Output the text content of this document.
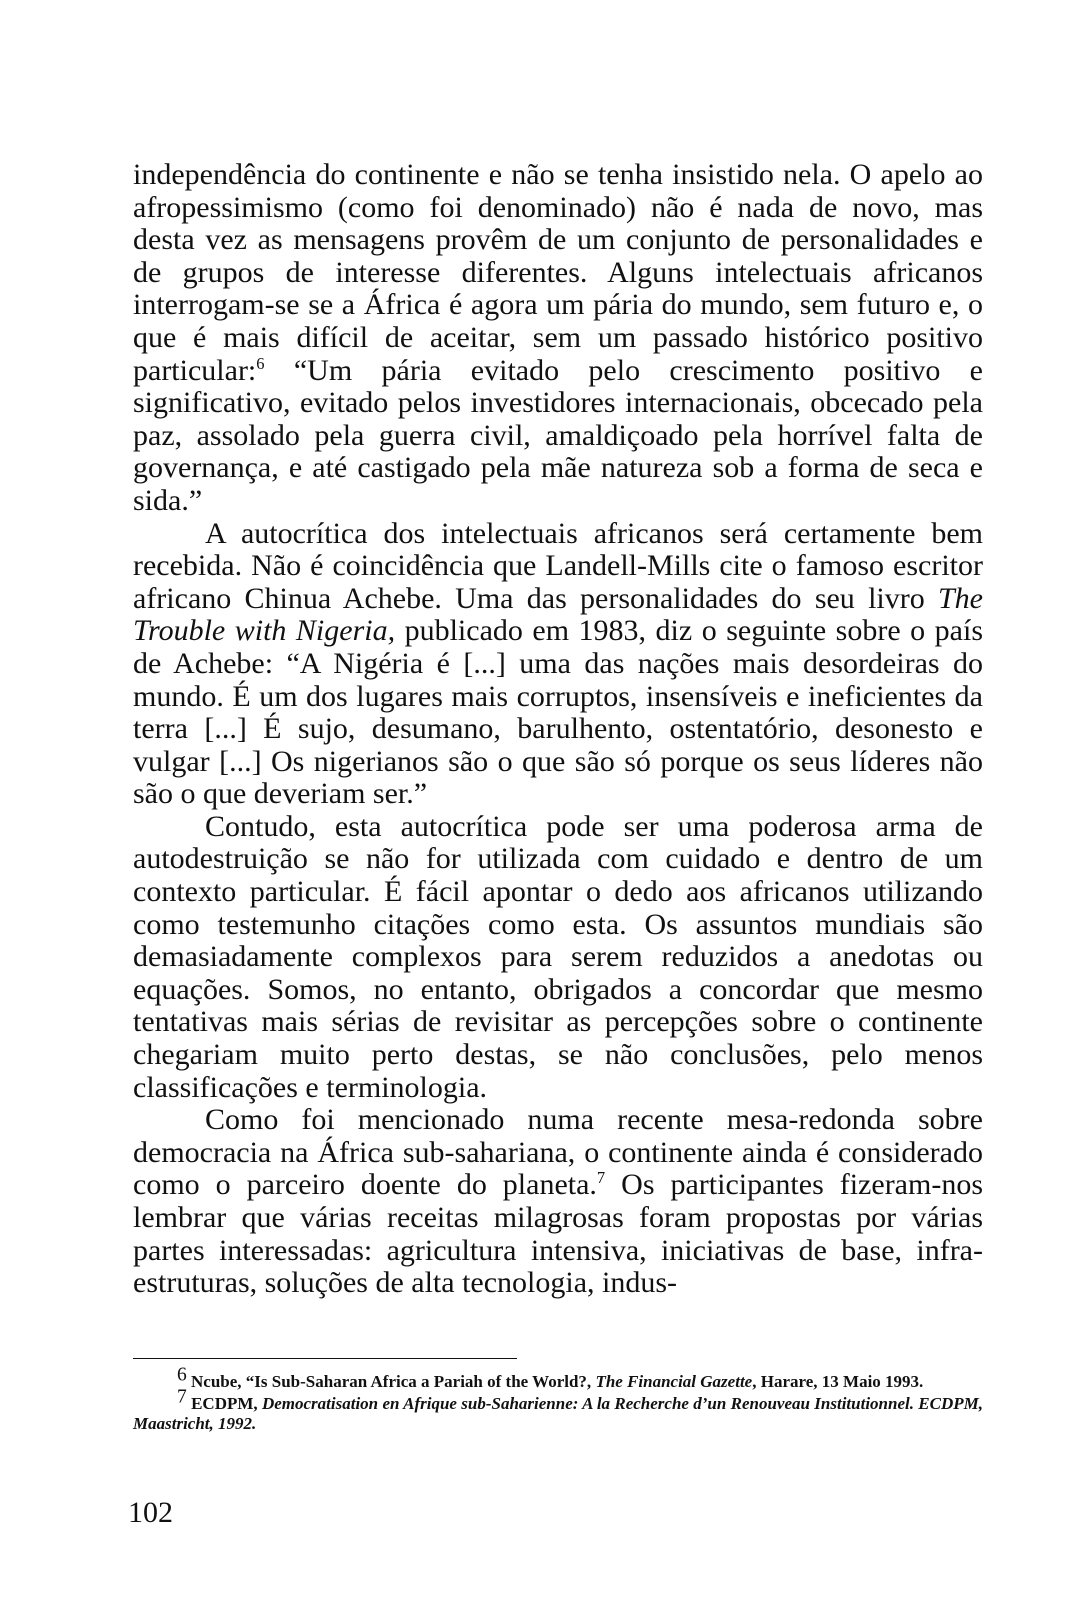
independência do continente e não se tenha insistido nela. O apelo ao afropessimismo (como foi denominado) não é nada de novo, mas desta vez as mensagens provêm de um conjunto de personalidades e de grupos de interesse diferentes. Alguns intelectuais africanos interrogam-se se a África é agora um pária do mundo, sem futuro e, o que é mais difícil de aceitar, sem um passado histórico positivo particular:$^6$ “Um pária evitado pelo crescimento positivo e significativo, evitado pelos investidores internacionais, obcecado pela paz, assolado pela guerra civil, amaldiçoado pela horrível falta de governança, e até castigado pela mãe natureza sob a forma de seca e sida.”

A autocrítica dos intelectuais africanos será certamente bem recebida. Não é coincidência que Landell-Mills cite o famoso escritor africano Chinua Achebe. Uma das personalidades do seu livro The Trouble with Nigeria, publicado em 1983, diz o seguinte sobre o país de Achebe: “A Nigéria é [...] uma das nações mais desordeiras do mundo. É um dos lugares mais corruptos, insensíveis e ineficientes da terra [...] É sujo, desumano, barulhento, ostentatório, desonesto e vulgar [...] Os nigerianos são o que são só porque os seus líderes não são o que deveriam ser.”

Contudo, esta autocrítica pode ser uma poderosa arma de autodestruição se não for utilizada com cuidado e dentro de um contexto particular. É fácil apontar o dedo aos africanos utilizando como testemunho citações como esta. Os assuntos mundiais são demasiadamente complexos para serem reduzidos a anedotas ou equações. Somos, no entanto, obrigados a concordar que mesmo tentativas mais sérias de revisitar as percepções sobre o continente chegariam muito perto destas, se não conclusões, pelo menos classificações e terminologia.

Como foi mencionado numa recente mesa-redonda sobre democracia na África sub-sahariana, o continente ainda é considerado como o parceiro doente do planeta.$^7$ Os participantes fizeram-nos lembrar que várias receitas milagrosas foram propostas por várias partes interessadas: agricultura intensiva, iniciativas de base, infra-estruturas, soluções de alta tecnologia, indus-

$^6$ Ncube, “Is Sub-Saharan Africa a Pariah of the World?, The Financial Gazette, Harare, 13 Maio 1993.

$^7$ ECDPM, Democratisation en Afrique sub-Saharienne: A la Recherche d’un Renouveau Institutionnel. ECDPM, Maastricht, 1992.

102
